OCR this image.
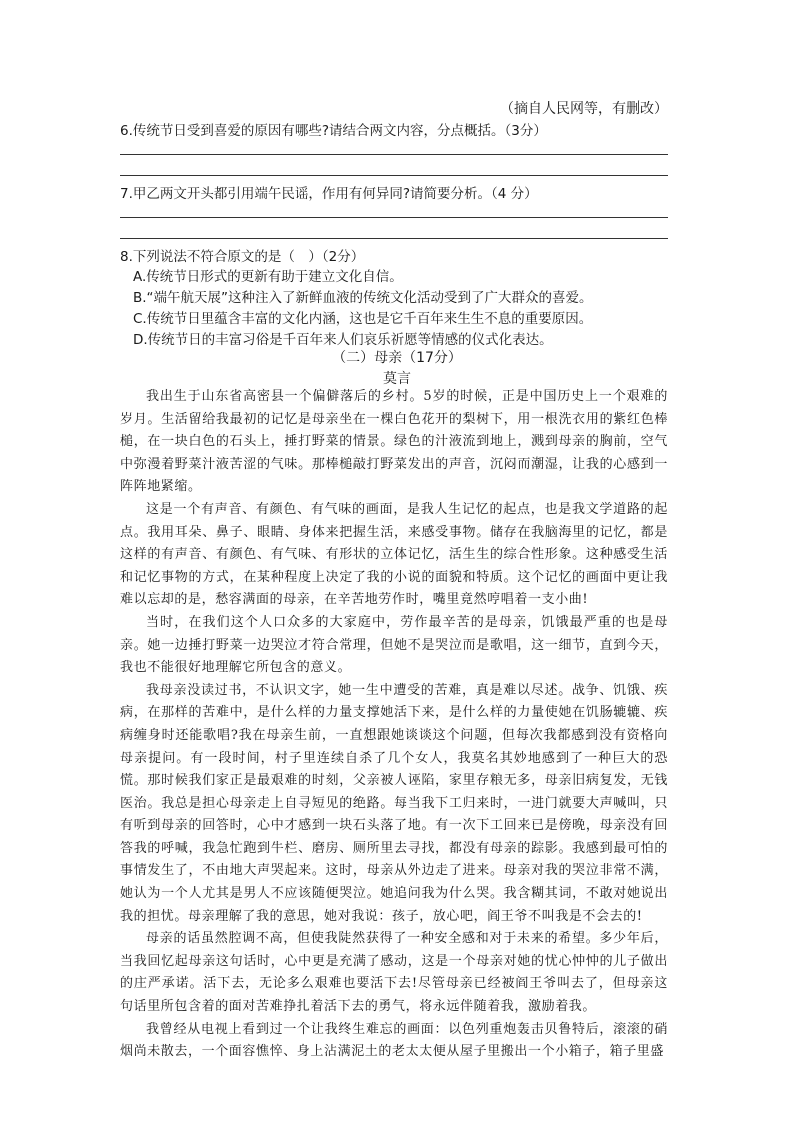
（摘自人民网等，有删改）
6.传统节日受到喜爱的原因有哪些?请结合两文内容，分点概括。（3分）
7.甲乙两文开头都引用端午民谣，作用有何异同?请简要分析。（4 分）
8.下列说法不符合原文的是（　）（2分）
A.传统节日形式的更新有助于建立文化自信。
B.“端午航天展”这种注入了新鲜血液的传统文化活动受到了广大群众的喜爱。
C.传统节日里蕴含丰富的文化内涵，这也是它千百年来生生不息的重要原因。
D.传统节日的丰富习俗是千百年来人们哀乐祈愿等情感的仪式化表达。
（二）母亲（17分）
莫言

我出生于山东省高密县一个偏僻落后的乡村。5岁的时候，正是中国历史上一个艰难的岁月。生活留给我最初的记忆是母亲坐在一棵白色花开的梨树下，用一根洗衣用的紫红色棒槌，在一块白色的石头上，捶打野菜的情景。绿色的汁液流到地上，溅到母亲的胸前，空气中弥漫着野菜汁液苦涩的气味。那棒槌敲打野菜发出的声音，沉闷而潮湿，让我的心感到一阵阵地紧缩。

这是一个有声音、有颜色、有气味的画面，是我人生记忆的起点，也是我文学道路的起点。我用耳朵、鼻子、眼睛、身体来把握生活，来感受事物。储存在我脑海里的记忆，都是这样的有声音、有颜色、有气味、有形状的立体记忆，活生生的综合性形象。这种感受生活和记忆事物的方式，在某种程度上决定了我的小说的面貌和特质。这个记忆的画面中更让我难以忘却的是，愁容满面的母亲，在辛苦地劳作时，嘴里竟然哼唱着一支小曲!

当时，在我们这个人口众多的大家庭中，劳作最辛苦的是母亲，饥饿最严重的也是母亲。她一边捶打野菜一边哭泣才符合常理，但她不是哭泣而是歌唱，这一细节，直到今天，我也不能很好地理解它所包含的意义。

我母亲没读过书，不认识文字，她一生中遭受的苦难，真是难以尽述。战争、饥饿、疾病，在那样的苦难中，是什么样的力量支撑她活下来，是什么样的力量使她在饥肠辘辘、疾病缠身时还能歌唱?我在母亲生前，一直想跟她谈谈这个问题，但每次我都感到没有资格向母亲提问。有一段时间，村子里连续自杀了几个女人，我莫名其妙地感到了一种巨大的恐慌。那时候我们家正是最艰难的时刻，父亲被人诬陷，家里存粮无多，母亲旧病复发，无钱医治。我总是担心母亲走上自寻短见的绝路。每当我下工归来时，一进门就要大声喊叫，只有听到母亲的回答时，心中才感到一块石头落了地。有一次下工回来已是傍晚，母亲没有回答我的呼喊，我急忙跑到牛栏、磨房、厕所里去寻找，都没有母亲的踪影。我感到最可怕的事情发生了，不由地大声哭起来。这时，母亲从外边走了进来。母亲对我的哭泣非常不满，她认为一个人尤其是男人不应该随便哭泣。她追问我为什么哭。我含糊其词，不敢对她说出我的担忧。母亲理解了我的意思，她对我说：孩子，放心吧，阎王爷不叫我是不会去的!

母亲的话虽然腔调不高，但使我陡然获得了一种安全感和对于未来的希望。多少年后，当我回忆起母亲这句话时，心中更是充满了感动，这是一个母亲对她的忧心忡忡的儿子做出的庄严承诺。活下去，无论多么艰难也要活下去!尽管母亲已经被阎王爷叫去了，但母亲这句话里所包含着的面对苦难挣扎着活下去的勇气，将永远伴随着我，激励着我。

我曾经从电视上看到过一个让我终生难忘的画面：以色列重炮轰击贝鲁特后，滚滚的硝烟尚未散去，一个面容憔悴、身上沾满泥土的老太太便从屋子里搬出一个小箱子，箱子里盛
